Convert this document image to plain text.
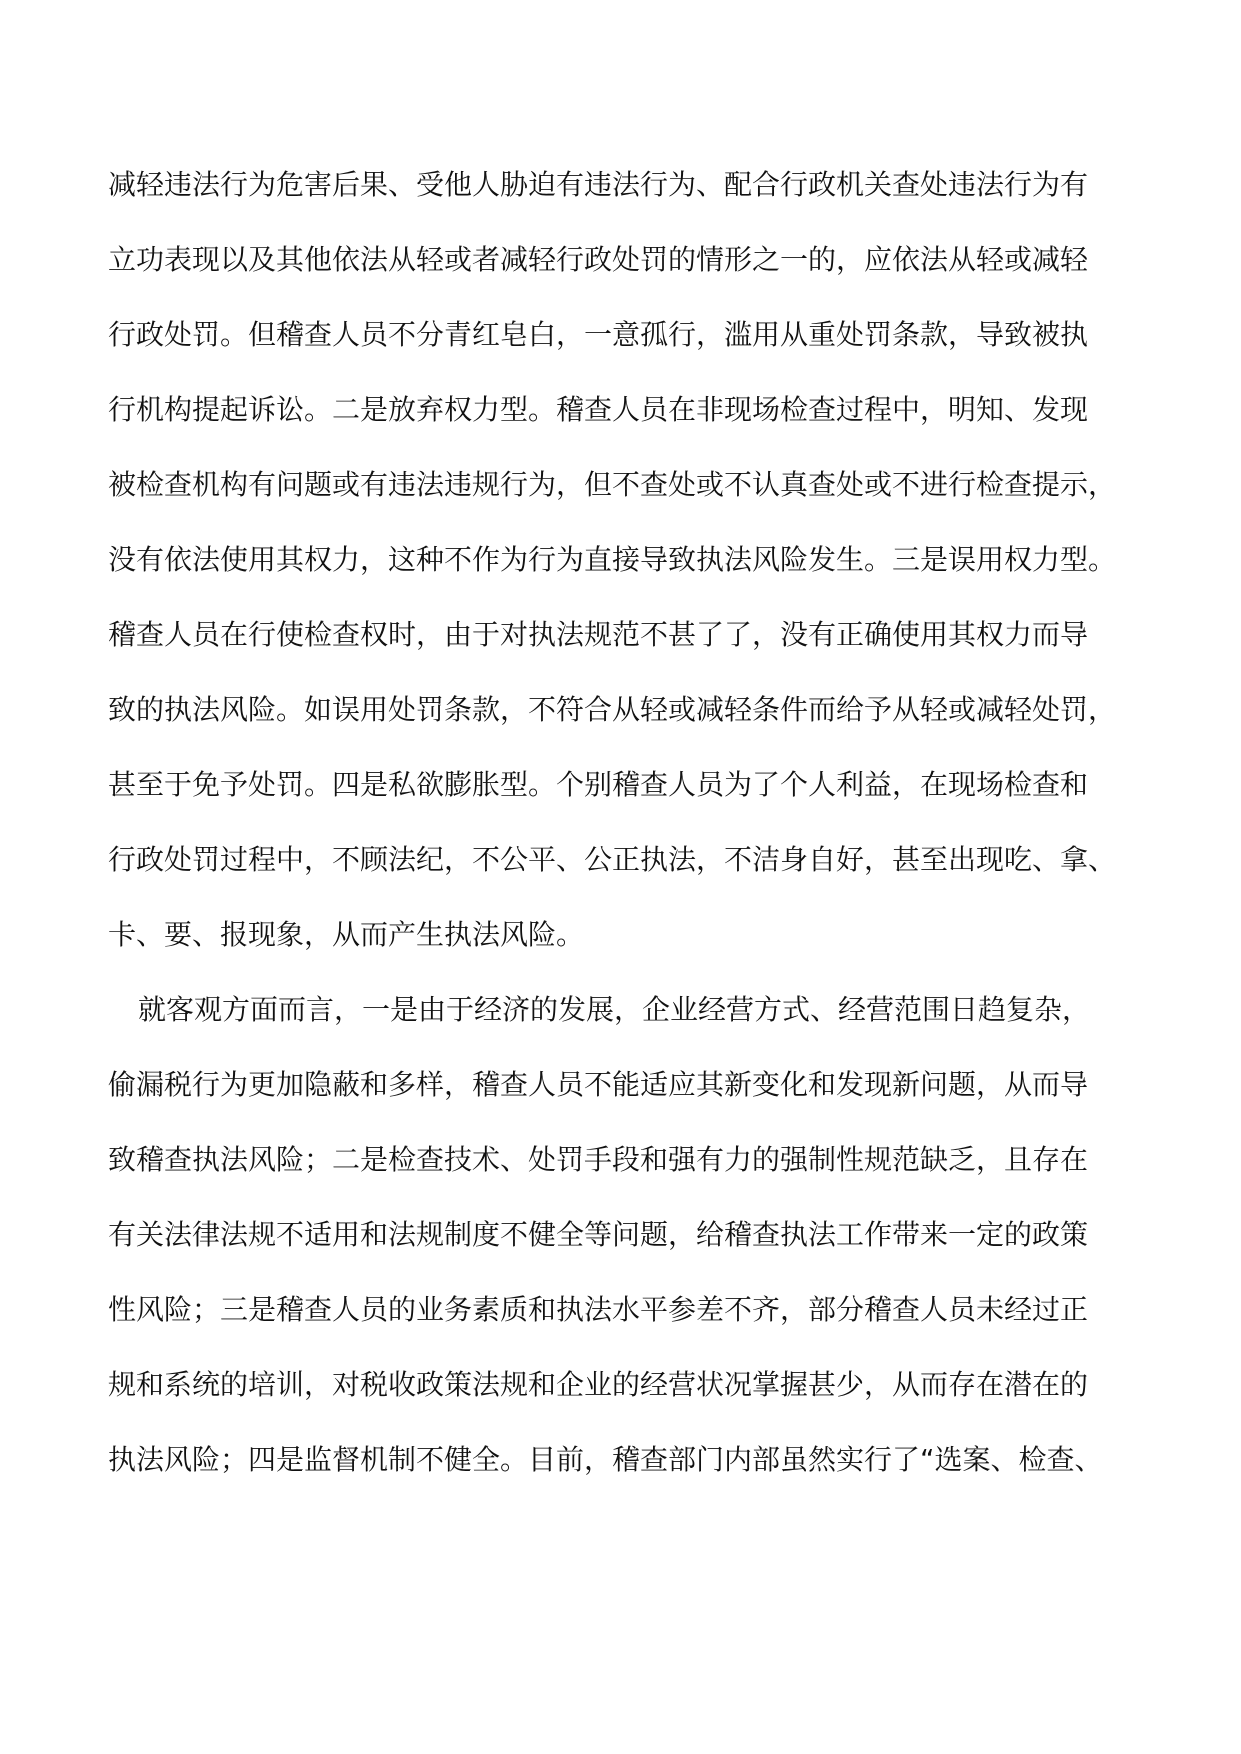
减轻违法行为危害后果、受他人胁迫有违法行为、配合行政机关查处违法行为有
立功表现以及其他依法从轻或者减轻行政处罚的情形之一的，应依法从轻或减轻
行政处罚。但稽查人员不分青红皂白，一意孤行，滥用从重处罚条款，导致被执
行机构提起诉讼。二是放弃权力型。稽查人员在非现场检查过程中，明知、发现
被检查机构有问题或有违法违规行为，但不查处或不认真查处或不进行检查提示，
没有依法使用其权力，这种不作为行为直接导致执法风险发生。三是误用权力型。
稽查人员在行使检查权时，由于对执法规范不甚了了，没有正确使用其权力而导
致的执法风险。如误用处罚条款，不符合从轻或减轻条件而给予从轻或减轻处罚，
甚至于免予处罚。四是私欲膨胀型。个别稽查人员为了个人利益，在现场检查和
行政处罚过程中，不顾法纪，不公平、公正执法，不洁身自好，甚至出现吃、拿、
卡、要、报现象，从而产生执法风险。
就客观方面而言，一是由于经济的发展，企业经营方式、经营范围日趋复杂，
偷漏税行为更加隐蔽和多样，稽查人员不能适应其新变化和发现新问题，从而导
致稽查执法风险；二是检查技术、处罚手段和强有力的强制性规范缺乏，且存在
有关法律法规不适用和法规制度不健全等问题，给稽查执法工作带来一定的政策
性风险；三是稽查人员的业务素质和执法水平参差不齐，部分稽查人员未经过正
规和系统的培训，对税收政策法规和企业的经营状况掌握甚少，从而存在潜在的
执法风险；四是监督机制不健全。目前，稽查部门内部虽然实行了“选案、检查、
